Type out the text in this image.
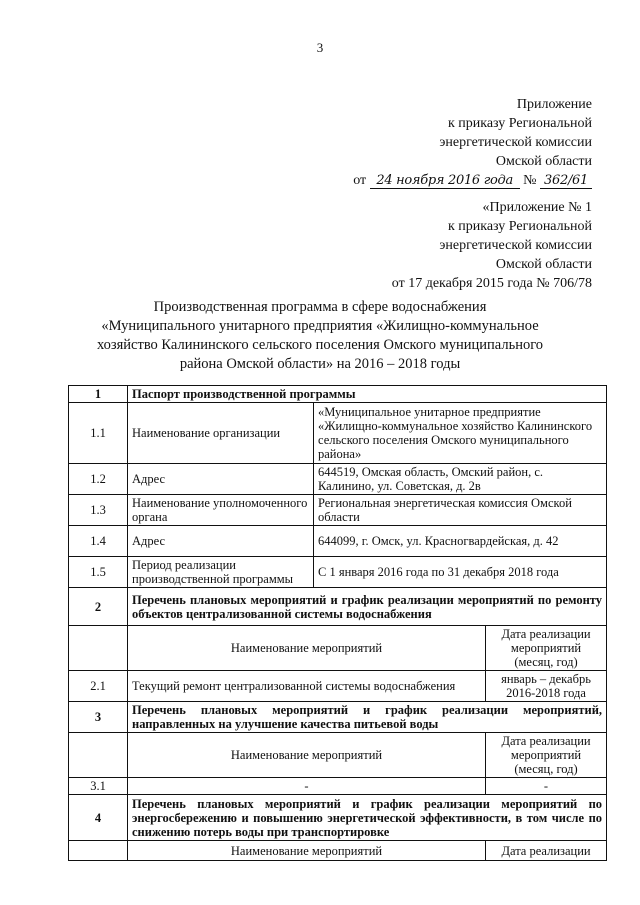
3
Приложение
к приказу Региональной
энергетической комиссии
Омской области
от 24 ноября 2016 года № 362/61
«Приложение № 1
к приказу Региональной
энергетической комиссии
Омской области
от 17 декабря 2015 года № 706/78
Производственная программа в сфере водоснабжения
«Муниципального унитарного предприятия «Жилищно-коммунальное
хозяйство Калининского сельского поселения Омского муниципального
района Омской области» на 2016 – 2018 годы
1	Паспорт производственной программы		
1.1	Наименование организации	«Муниципальное унитарное предприятие «Жилищно-коммунальное хозяйство Калининского сельского поселения Омского муниципального района»	
1.2	Адрес	644519, Омская область, Омский район, с. Калинино, ул. Советская, д. 2в	
1.3	Наименование уполномоченного органа	Региональная энергетическая комиссия Омской области	
1.4	Адрес	644099, г. Омск, ул. Красногвардейская, д. 42	
1.5	Период реализации производственной программы	С 1 января 2016 года по 31 декабря 2018 года	
2	Перечень плановых мероприятий и график реализации мероприятий по ремонту объектов централизованной системы водоснабжения		
	Наименование мероприятий		Дата реализации мероприятий (месяц, год)
2.1	Текущий ремонт централизованной системы водоснабжения		январь – декабрь 2016-2018 года
3	Перечень плановых мероприятий и график реализации мероприятий, направленных на улучшение качества питьевой воды		
	Наименование мероприятий		Дата реализации мероприятий (месяц, год)
3.1	-		-
4	Перечень плановых мероприятий и график реализации мероприятий по энергосбережению и повышению энергетической эффективности, в том числе по снижению потерь воды при транспортировке		
	Наименование мероприятий		Дата реализации
